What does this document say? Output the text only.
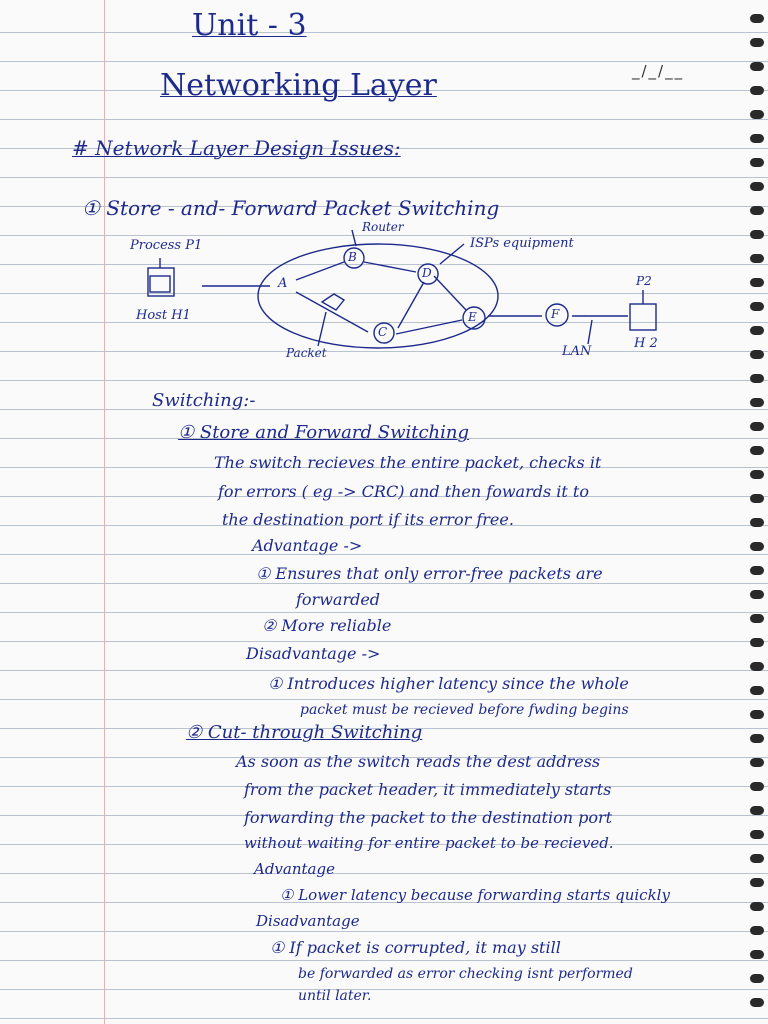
_/_/__
Unit - 3
Networking Layer
# Network Layer Design Issues:
① Store - and- Forward Packet Switching
A
B
D
C
E	F
Process P1
Host H1
Router
ISPs equipment
Packet	LAN
P2
H 2
Switching:-
① Store and Forward Switching
The switch recieves the entire packet, checks it
for errors ( eg -> CRC) and then fowards it to
the destination port if its error free.
Advantage ->
① Ensures that only error-free packets are
forwarded
② More reliable
Disadvantage ->
① Introduces higher latency since the whole
packet must be recieved before fwding begins
② Cut- through Switching
As soon as the switch reads the dest address
from the packet header, it immediately starts
forwarding the packet to the destination port
without waiting for entire packet to be recieved.
Advantage
① Lower latency because forwarding starts quickly
Disadvantage
① If packet is corrupted, it may still
be forwarded as error checking isnt performed
until later.
